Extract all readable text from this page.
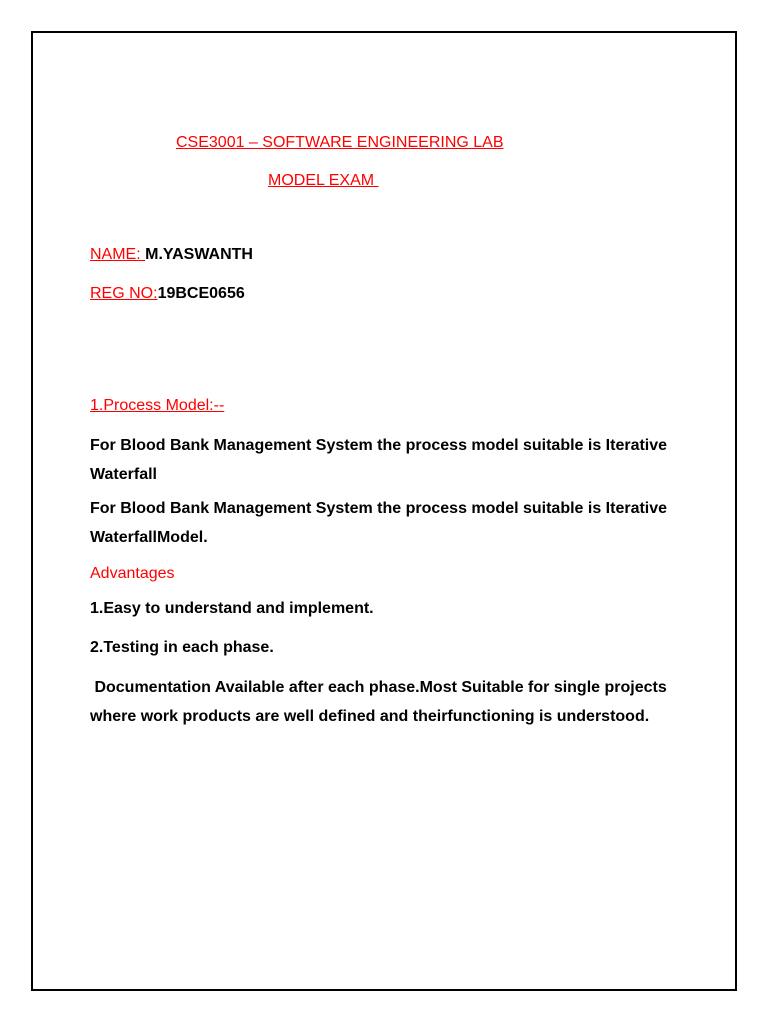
CSE3001 – SOFTWARE ENGINEERING LAB
MODEL EXAM
NAME: M.YASWANTH
REG NO:19BCE0656
1.Process Model:--
For Blood Bank Management System the process model suitable is Iterative Waterfall
For Blood Bank Management System the process model suitable is Iterative WaterfallModel.
Advantages
1.Easy to understand and implement.
2.Testing in each phase.
Documentation Available after each phase.Most Suitable for single projects where work products are well defined and theirfunctioning is understood.
